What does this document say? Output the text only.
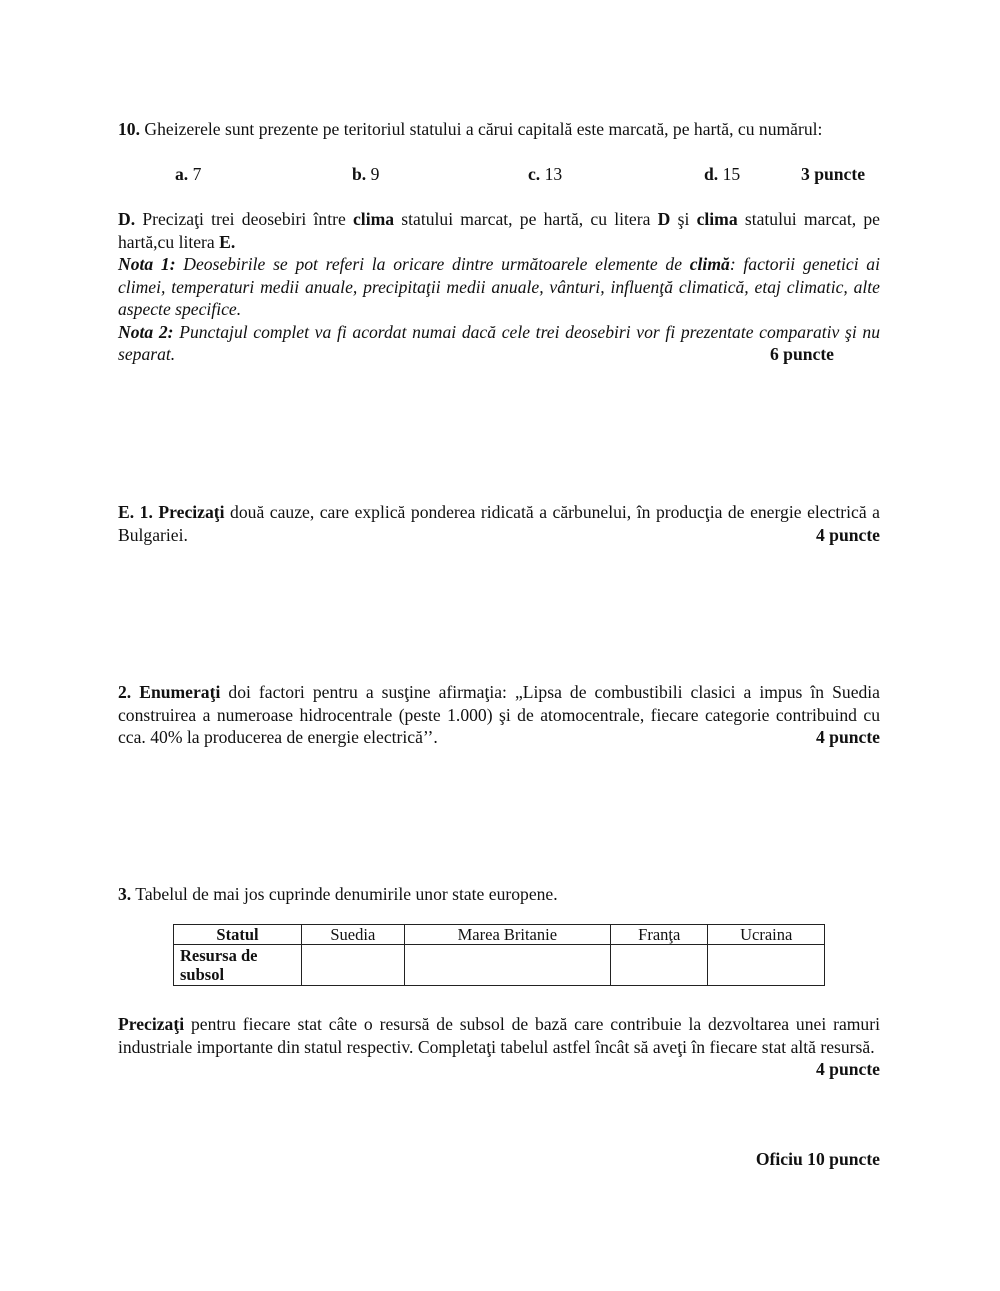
10. Gheizerele sunt prezente pe teritoriul statului a cărui capitală este marcată, pe hartă, cu numărul:

a. 7	b. 9	c. 13	d. 15	3 puncte
D. Precizaţi trei deosebiri între clima statului marcat, pe hartă, cu litera D şi clima statului marcat, pe hartă,cu litera E.
Nota 1: Deosebirile se pot referi la oricare dintre următoarele elemente de climă: factorii genetici ai climei, temperaturi medii anuale, precipitaţii medii anuale, vânturi, influenţă climatică, etaj climatic, alte aspecte specifice.
Nota 2: Punctajul complet va fi acordat numai dacă cele trei deosebiri vor fi prezentate comparativ şi nu separat.	6 puncte
E. 1. Precizaţi două cauze, care explică ponderea ridicată a cărbunelui, în producţia de energie electrică a Bulgariei.	4 puncte
2. Enumeraţi doi factori pentru a susţine afirmaţia: „Lipsa de combustibili clasici a impus în Suedia construirea a numeroase hidrocentrale (peste 1.000) şi de atomocentrale, fiecare categorie contribuind cu cca. 40% la producerea de energie electrică’’.	4 puncte

3. Tabelul de mai jos cuprinde denumirile unor state europene.

Statul	Suedia	Marea Britanie	Franţa	Ucraina
Resursa de subsol				
Precizaţi pentru fiecare stat câte o resursă de subsol de bază care contribuie la dezvoltarea unei ramuri industriale importante din statul respectiv. Completaţi tabelul astfel încât să aveţi în fiecare stat altă resursă.
4 puncte

Oficiu 10 puncte
